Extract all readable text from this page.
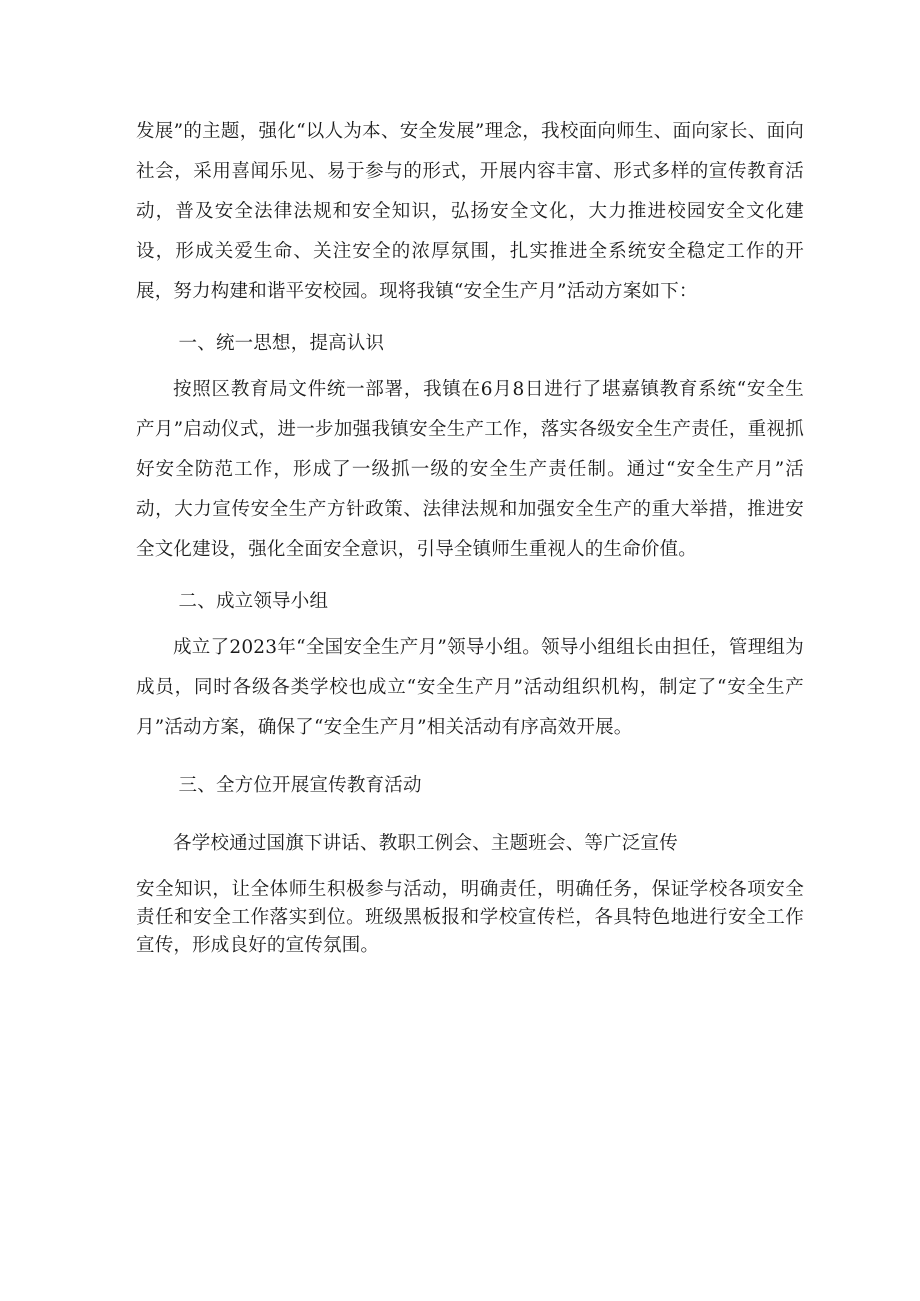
发展”的主题，强化“以人为本、安全发展”理念，我校面向师生、面向家长、面向社会，采用喜闻乐见、易于参与的形式，开展内容丰富、形式多样的宣传教育活动，普及安全法律法规和安全知识，弘扬安全文化，大力推进校园安全文化建设，形成关爱生命、关注安全的浓厚氛围，扎实推进全系统安全稳定工作的开展，努力构建和谐平安校园。现将我镇“安全生产月”活动方案如下：

一、统一思想，提高认识

按照区教育局文件统一部署，我镇在6月8日进行了堪嘉镇教育系统“安全生产月”启动仪式，进一步加强我镇安全生产工作，落实各级安全生产责任，重视抓好安全防范工作，形成了一级抓一级的安全生产责任制。通过“安全生产月”活动，大力宣传安全生产方针政策、法律法规和加强安全生产的重大举措，推进安全文化建设，强化全面安全意识，引导全镇师生重视人的生命价值。

二、成立领导小组

成立了2023年“全国安全生产月”领导小组。领导小组组长由担任，管理组为成员，同时各级各类学校也成立“安全生产月”活动组织机构，制定了“安全生产月”活动方案，确保了“安全生产月”相关活动有序高效开展。

三、全方位开展宣传教育活动

各学校通过国旗下讲话、教职工例会、主题班会、等广泛宣传

安全知识，让全体师生积极参与活动，明确责任，明确任务，保证学校各项安全责任和安全工作落实到位。班级黑板报和学校宣传栏，各具特色地进行安全工作宣传，形成良好的宣传氛围。
